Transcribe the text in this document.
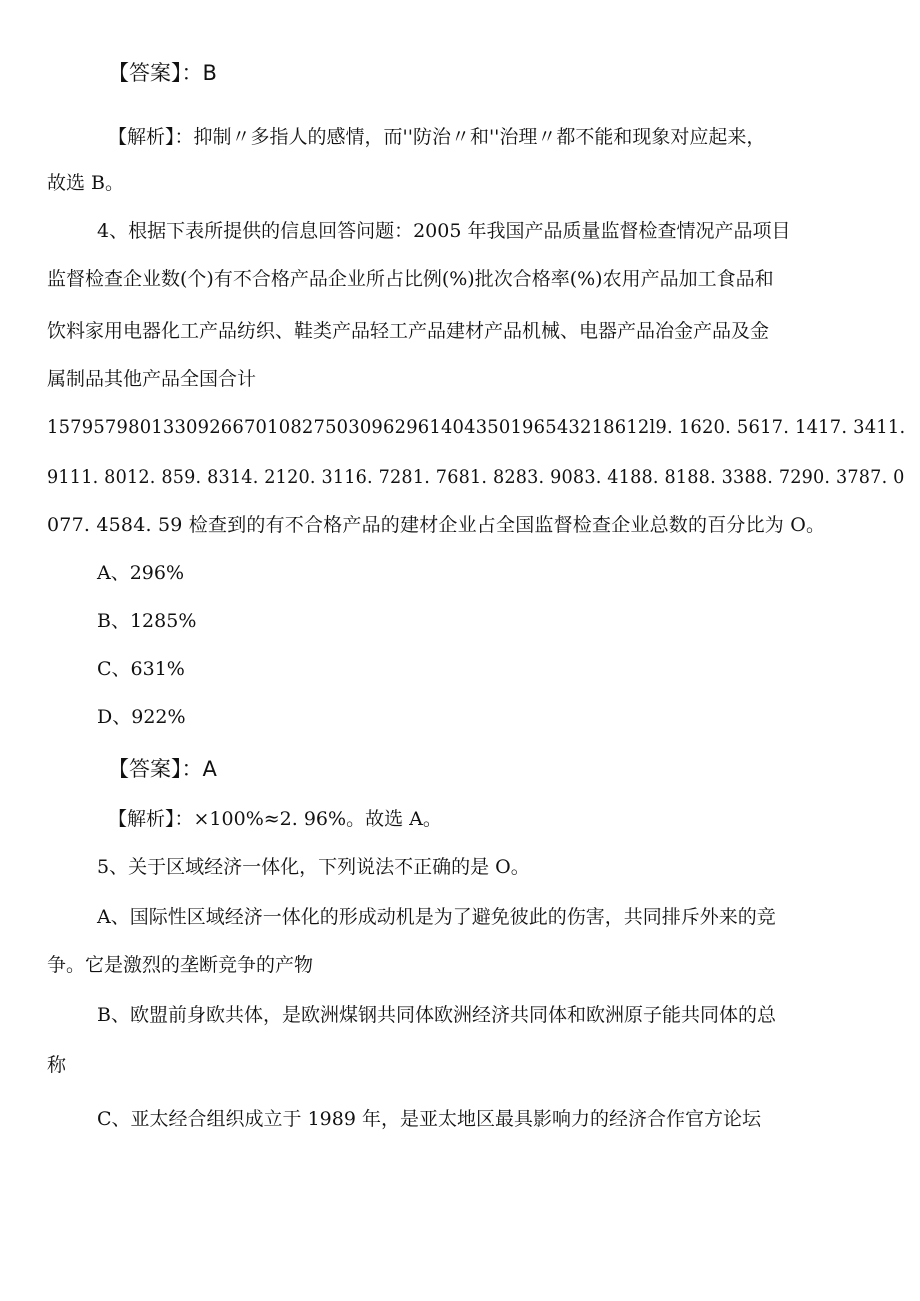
【答案】：B
【解析】：抑制〃多指人的感情，而''防治〃和''治理〃都不能和现象对应起来，
故选 B。
4、根据下表所提供的信息回答问题：2005 年我国产品质量监督检查情况产品项目
监督检查企业数(个)有不合格产品企业所占比例(%)批次合格率(%)农用产品加工食品和
饮料家用电器化工产品纺织、鞋类产品轻工产品建材产品机械、电器产品冶金产品及金
属制品其他产品全国合计
1579579801330926670108275030962961404350196543218612l9. 1620. 5617. 1417. 3411.
9111. 8012. 859. 8314. 2120. 3116. 7281. 7681. 8283. 9083. 4188. 8188. 3388. 7290. 3787. 0
077. 4584. 59 检查到的有不合格产品的建材企业占全国监督检查企业总数的百分比为 O。
A、296%
B、1285%
C、631%
D、922%
【答案】：A
【解析】：×100%≈2. 96%。故选 A。
5、关于区域经济一体化，下列说法不正确的是 O。
A、国际性区域经济一体化的形成动机是为了避免彼此的伤害，共同排斥外来的竞
争。它是激烈的垄断竞争的产物
B、欧盟前身欧共体，是欧洲煤钢共同体欧洲经济共同体和欧洲原子能共同体的总
称
C、亚太经合组织成立于 1989 年，是亚太地区最具影响力的经济合作官方论坛
